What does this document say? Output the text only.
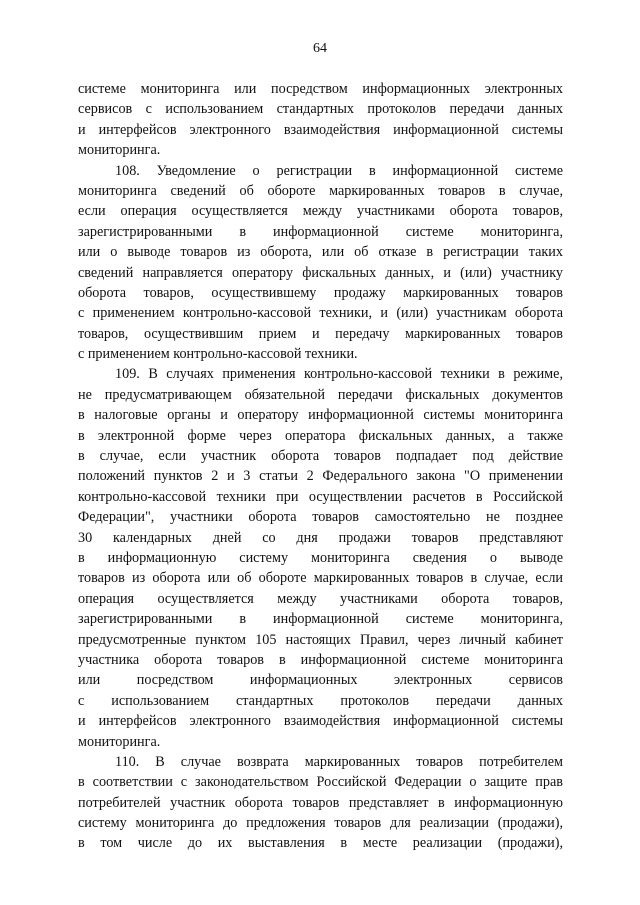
64
системе мониторинга или посредством информационных электронных
сервисов с использованием стандартных протоколов передачи данных
и интерфейсов электронного взаимодействия информационной системы
мониторинга.
108. Уведомление о регистрации в информационной системе
мониторинга сведений об обороте маркированных товаров в случае,
если операция осуществляется между участниками оборота товаров,
зарегистрированными в информационной системе мониторинга,
или о выводе товаров из оборота, или об отказе в регистрации таких
сведений направляется оператору фискальных данных, и (или) участнику
оборота товаров, осуществившему продажу маркированных товаров
с применением контрольно-кассовой техники, и (или) участникам оборота
товаров, осуществившим прием и передачу маркированных товаров
с применением контрольно-кассовой техники.
109. В случаях применения контрольно-кассовой техники в режиме,
не предусматривающем обязательной передачи фискальных документов
в налоговые органы и оператору информационной системы мониторинга
в электронной форме через оператора фискальных данных, а также
в случае, если участник оборота товаров подпадает под действие
положений пунктов 2 и 3 статьи 2 Федерального закона "О применении
контрольно-кассовой техники при осуществлении расчетов в Российской
Федерации", участники оборота товаров самостоятельно не позднее
30 календарных дней со дня продажи товаров представляют
в информационную систему мониторинга сведения о выводе
товаров из оборота или об обороте маркированных товаров в случае, если
операция осуществляется между участниками оборота товаров,
зарегистрированными в информационной системе мониторинга,
предусмотренные пунктом 105 настоящих Правил, через личный кабинет
участника оборота товаров в информационной системе мониторинга
или посредством информационных электронных сервисов
с использованием стандартных протоколов передачи данных
и интерфейсов электронного взаимодействия информационной системы
мониторинга.
110. В случае возврата маркированных товаров потребителем
в соответствии с законодательством Российской Федерации о защите прав
потребителей участник оборота товаров представляет в информационную
систему мониторинга до предложения товаров для реализации (продажи),
в том числе до их выставления в месте реализации (продажи),
